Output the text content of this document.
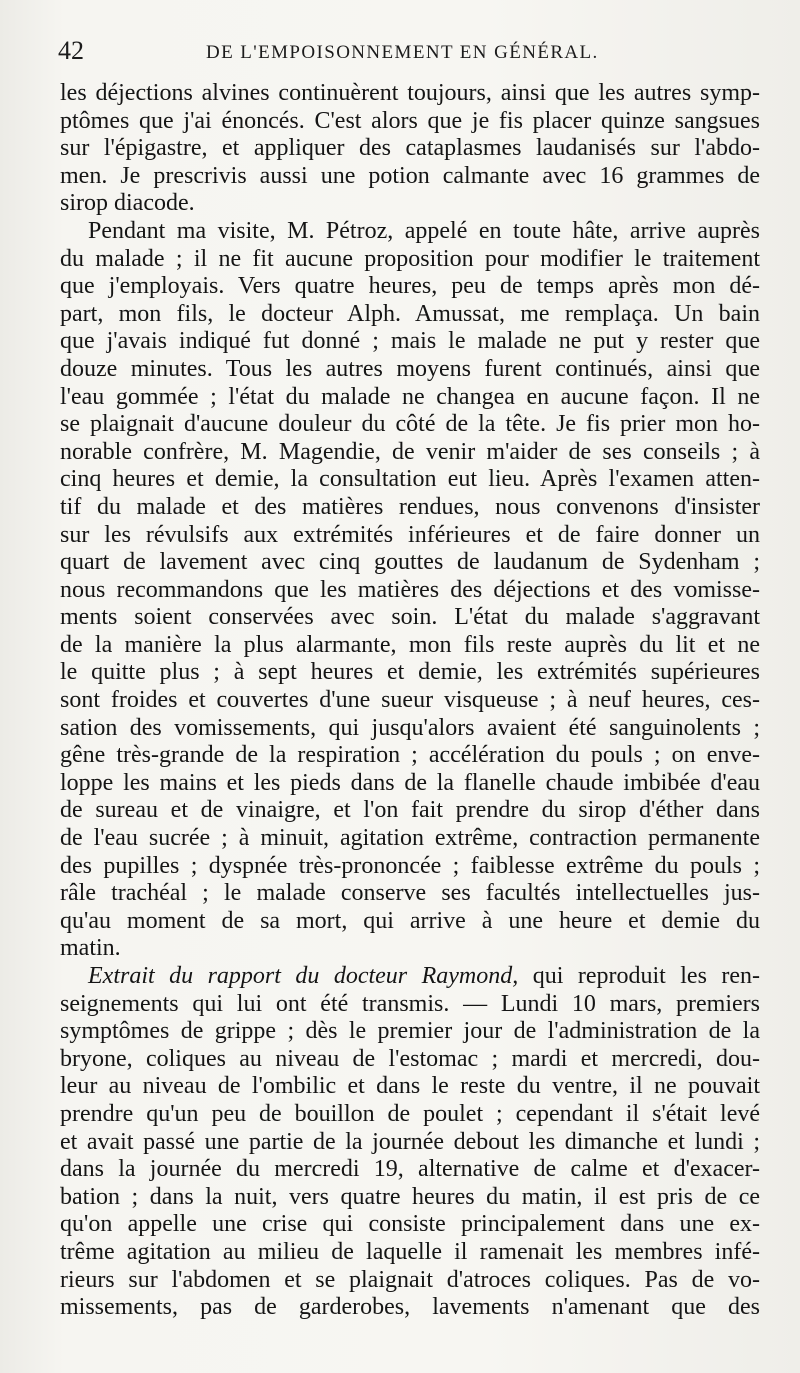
42	DE L'EMPOISONNEMENT EN GÉNÉRAL.
les déjections alvines continuèrent toujours, ainsi que les autres symp-
ptômes que j'ai énoncés. C'est alors que je fis placer quinze sangsues
sur l'épigastre, et appliquer des cataplasmes laudanisés sur l'abdo-
men. Je prescrivis aussi une potion calmante avec 16 grammes de
sirop diacode.
Pendant ma visite, M. Pétroz, appelé en toute hâte, arrive auprès
du malade ; il ne fit aucune proposition pour modifier le traitement
que j'employais. Vers quatre heures, peu de temps après mon dé-
part, mon fils, le docteur Alph. Amussat, me remplaça. Un bain
que j'avais indiqué fut donné ; mais le malade ne put y rester que
douze minutes. Tous les autres moyens furent continués, ainsi que
l'eau gommée ; l'état du malade ne changea en aucune façon. Il ne
se plaignait d'aucune douleur du côté de la tête. Je fis prier mon ho-
norable confrère, M. Magendie, de venir m'aider de ses conseils ; à
cinq heures et demie, la consultation eut lieu. Après l'examen atten-
tif du malade et des matières rendues, nous convenons d'insister
sur les révulsifs aux extrémités inférieures et de faire donner un
quart de lavement avec cinq gouttes de laudanum de Sydenham ;
nous recommandons que les matières des déjections et des vomisse-
ments soient conservées avec soin. L'état du malade s'aggravant
de la manière la plus alarmante, mon fils reste auprès du lit et ne
le quitte plus ; à sept heures et demie, les extrémités supérieures
sont froides et couvertes d'une sueur visqueuse ; à neuf heures, ces-
sation des vomissements, qui jusqu'alors avaient été sanguinolents ;
gêne très-grande de la respiration ; accélération du pouls ; on enve-
loppe les mains et les pieds dans de la flanelle chaude imbibée d'eau
de sureau et de vinaigre, et l'on fait prendre du sirop d'éther dans
de l'eau sucrée ; à minuit, agitation extrême, contraction permanente
des pupilles ; dyspnée très-prononcée ; faiblesse extrême du pouls ;
râle trachéal ; le malade conserve ses facultés intellectuelles jus-
qu'au moment de sa mort, qui arrive à une heure et demie du
matin.
Extrait du rapport du docteur Raymond, qui reproduit les ren-
seignements qui lui ont été transmis. — Lundi 10 mars, premiers
symptômes de grippe ; dès le premier jour de l'administration de la
bryone, coliques au niveau de l'estomac ; mardi et mercredi, dou-
leur au niveau de l'ombilic et dans le reste du ventre, il ne pouvait
prendre qu'un peu de bouillon de poulet ; cependant il s'était levé
et avait passé une partie de la journée debout les dimanche et lundi ;
dans la journée du mercredi 19, alternative de calme et d'exacer-
bation ; dans la nuit, vers quatre heures du matin, il est pris de ce
qu'on appelle une crise qui consiste principalement dans une ex-
trême agitation au milieu de laquelle il ramenait les membres infé-
rieurs sur l'abdomen et se plaignait d'atroces coliques. Pas de vo-
missements, pas de garderobes, lavements n'amenant que des
